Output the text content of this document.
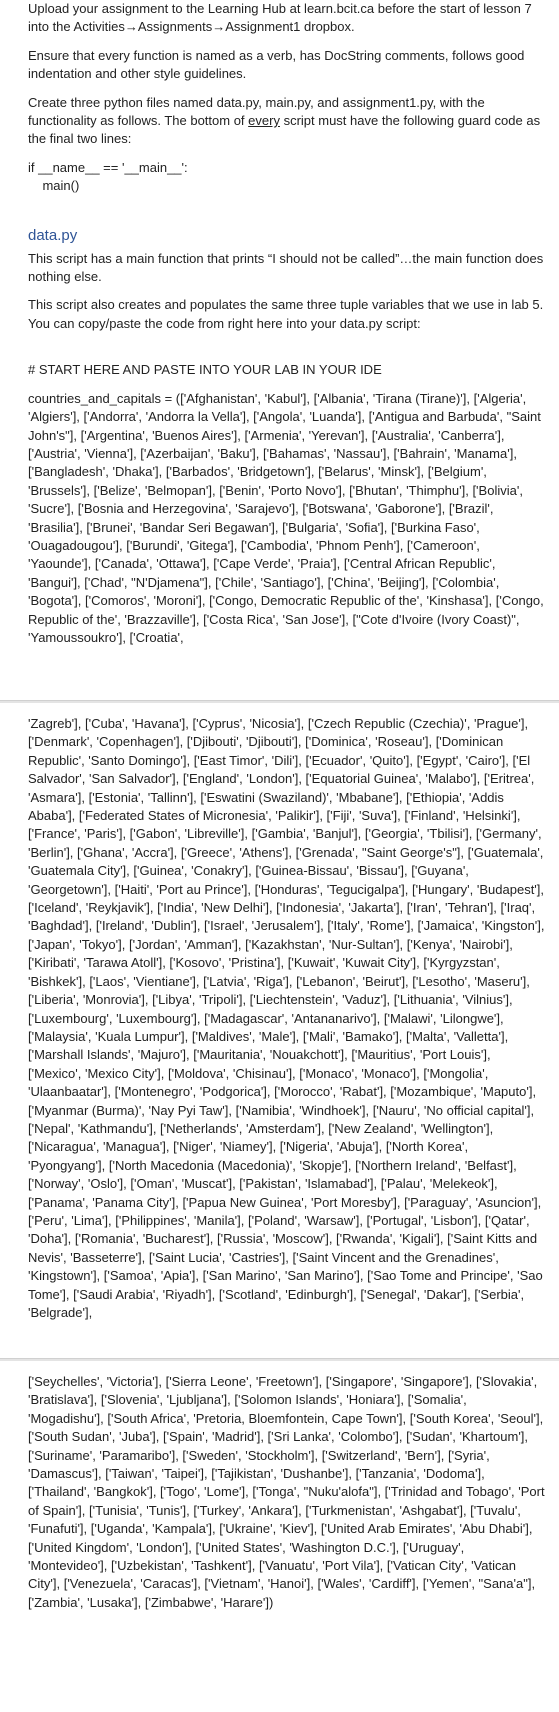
Upload your assignment to the Learning Hub at learn.bcit.ca before the start of lesson 7 into the Activities→Assignments→Assignment1 dropbox.

Ensure that every function is named as a verb, has DocString comments, follows good indentation and other style guidelines.

Create three python files named data.py, main.py, and assignment1.py, with the functionality as follows. The bottom of every script must have the following guard code as the final two lines:

if __name__ == '__main__':

main()

data.py

This script has a main function that prints “I should not be called”…the main function does nothing else.

This script also creates and populates the same three tuple variables that we use in lab 5. You can copy/paste the code from right here into your data.py script:

# START HERE AND PASTE INTO YOUR LAB IN YOUR IDE

countries_and_capitals = (['Afghanistan', 'Kabul'], ['Albania', 'Tirana (Tirane)'], ['Algeria', 'Algiers'], ['Andorra', 'Andorra la Vella'], ['Angola', 'Luanda'], ['Antigua and Barbuda', "Saint John's"], ['Argentina', 'Buenos Aires'], ['Armenia', 'Yerevan'], ['Australia', 'Canberra'], ['Austria', 'Vienna'], ['Azerbaijan', 'Baku'], ['Bahamas', 'Nassau'], ['Bahrain', 'Manama'], ['Bangladesh', 'Dhaka'], ['Barbados', 'Bridgetown'], ['Belarus', 'Minsk'], ['Belgium', 'Brussels'], ['Belize', 'Belmopan'], ['Benin', 'Porto Novo'], ['Bhutan', 'Thimphu'], ['Bolivia', 'Sucre'], ['Bosnia and Herzegovina', 'Sarajevo'], ['Botswana', 'Gaborone'], ['Brazil', 'Brasilia'], ['Brunei', 'Bandar Seri Begawan'], ['Bulgaria', 'Sofia'], ['Burkina Faso', 'Ouagadougou'], ['Burundi', 'Gitega'], ['Cambodia', 'Phnom Penh'], ['Cameroon', 'Yaounde'], ['Canada', 'Ottawa'], ['Cape Verde', 'Praia'], ['Central African Republic', 'Bangui'], ['Chad', "N'Djamena"], ['Chile', 'Santiago'], ['China', 'Beijing'], ['Colombia', 'Bogota'], ['Comoros', 'Moroni'], ['Congo, Democratic Republic of the', 'Kinshasa'], ['Congo, Republic of the', 'Brazzaville'], ['Costa Rica', 'San Jose'], ["Cote d'Ivoire (Ivory Coast)", 'Yamoussoukro'], ['Croatia',

'Zagreb'], ['Cuba', 'Havana'], ['Cyprus', 'Nicosia'], ['Czech Republic (Czechia)', 'Prague'], ['Denmark', 'Copenhagen'], ['Djibouti', 'Djibouti'], ['Dominica', 'Roseau'], ['Dominican Republic', 'Santo Domingo'], ['East Timor', 'Dili'], ['Ecuador', 'Quito'], ['Egypt', 'Cairo'], ['El Salvador', 'San Salvador'], ['England', 'London'], ['Equatorial Guinea', 'Malabo'], ['Eritrea', 'Asmara'], ['Estonia', 'Tallinn'], ['Eswatini (Swaziland)', 'Mbabane'], ['Ethiopia', 'Addis Ababa'], ['Federated States of Micronesia', 'Palikir'], ['Fiji', 'Suva'], ['Finland', 'Helsinki'], ['France', 'Paris'], ['Gabon', 'Libreville'], ['Gambia', 'Banjul'], ['Georgia', 'Tbilisi'], ['Germany', 'Berlin'], ['Ghana', 'Accra'], ['Greece', 'Athens'], ['Grenada', "Saint George's"], ['Guatemala', 'Guatemala City'], ['Guinea', 'Conakry'], ['Guinea-Bissau', 'Bissau'], ['Guyana', 'Georgetown'], ['Haiti', 'Port au Prince'], ['Honduras', 'Tegucigalpa'], ['Hungary', 'Budapest'], ['Iceland', 'Reykjavik'], ['India', 'New Delhi'], ['Indonesia', 'Jakarta'], ['Iran', 'Tehran'], ['Iraq', 'Baghdad'], ['Ireland', 'Dublin'], ['Israel', 'Jerusalem'], ['Italy', 'Rome'], ['Jamaica', 'Kingston'], ['Japan', 'Tokyo'], ['Jordan', 'Amman'], ['Kazakhstan', 'Nur-Sultan'], ['Kenya', 'Nairobi'], ['Kiribati', 'Tarawa Atoll'], ['Kosovo', 'Pristina'], ['Kuwait', 'Kuwait City'], ['Kyrgyzstan', 'Bishkek'], ['Laos', 'Vientiane'], ['Latvia', 'Riga'], ['Lebanon', 'Beirut'], ['Lesotho', 'Maseru'], ['Liberia', 'Monrovia'], ['Libya', 'Tripoli'], ['Liechtenstein', 'Vaduz'], ['Lithuania', 'Vilnius'], ['Luxembourg', 'Luxembourg'], ['Madagascar', 'Antananarivo'], ['Malawi', 'Lilongwe'], ['Malaysia', 'Kuala Lumpur'], ['Maldives', 'Male'], ['Mali', 'Bamako'], ['Malta', 'Valletta'], ['Marshall Islands', 'Majuro'], ['Mauritania', 'Nouakchott'], ['Mauritius', 'Port Louis'], ['Mexico', 'Mexico City'], ['Moldova', 'Chisinau'], ['Monaco', 'Monaco'], ['Mongolia', 'Ulaanbaatar'], ['Montenegro', 'Podgorica'], ['Morocco', 'Rabat'], ['Mozambique', 'Maputo'], ['Myanmar (Burma)', 'Nay Pyi Taw'], ['Namibia', 'Windhoek'], ['Nauru', 'No official capital'], ['Nepal', 'Kathmandu'], ['Netherlands', 'Amsterdam'], ['New Zealand', 'Wellington'], ['Nicaragua', 'Managua'], ['Niger', 'Niamey'], ['Nigeria', 'Abuja'], ['North Korea', 'Pyongyang'], ['North Macedonia (Macedonia)', 'Skopje'], ['Northern Ireland', 'Belfast'], ['Norway', 'Oslo'], ['Oman', 'Muscat'], ['Pakistan', 'Islamabad'], ['Palau', 'Melekeok'], ['Panama', 'Panama City'], ['Papua New Guinea', 'Port Moresby'], ['Paraguay', 'Asuncion'], ['Peru', 'Lima'], ['Philippines', 'Manila'], ['Poland', 'Warsaw'], ['Portugal', 'Lisbon'], ['Qatar', 'Doha'], ['Romania', 'Bucharest'], ['Russia', 'Moscow'], ['Rwanda', 'Kigali'], ['Saint Kitts and Nevis', 'Basseterre'], ['Saint Lucia', 'Castries'], ['Saint Vincent and the Grenadines', 'Kingstown'], ['Samoa', 'Apia'], ['San Marino', 'San Marino'], ['Sao Tome and Principe', 'Sao Tome'], ['Saudi Arabia', 'Riyadh'], ['Scotland', 'Edinburgh'], ['Senegal', 'Dakar'], ['Serbia', 'Belgrade'],

['Seychelles', 'Victoria'], ['Sierra Leone', 'Freetown'], ['Singapore', 'Singapore'], ['Slovakia', 'Bratislava'], ['Slovenia', 'Ljubljana'], ['Solomon Islands', 'Honiara'], ['Somalia', 'Mogadishu'], ['South Africa', 'Pretoria, Bloemfontein, Cape Town'], ['South Korea', 'Seoul'], ['South Sudan', 'Juba'], ['Spain', 'Madrid'], ['Sri Lanka', 'Colombo'], ['Sudan', 'Khartoum'], ['Suriname', 'Paramaribo'], ['Sweden', 'Stockholm'], ['Switzerland', 'Bern'], ['Syria', 'Damascus'], ['Taiwan', 'Taipei'], ['Tajikistan', 'Dushanbe'], ['Tanzania', 'Dodoma'], ['Thailand', 'Bangkok'], ['Togo', 'Lome'], ['Tonga', "Nuku'alofa"], ['Trinidad and Tobago', 'Port of Spain'], ['Tunisia', 'Tunis'], ['Turkey', 'Ankara'], ['Turkmenistan', 'Ashgabat'], ['Tuvalu', 'Funafuti'], ['Uganda', 'Kampala'], ['Ukraine', 'Kiev'], ['United Arab Emirates', 'Abu Dhabi'], ['United Kingdom', 'London'], ['United States', 'Washington D.C.'], ['Uruguay', 'Montevideo'], ['Uzbekistan', 'Tashkent'], ['Vanuatu', 'Port Vila'], ['Vatican City', 'Vatican City'], ['Venezuela', 'Caracas'], ['Vietnam', 'Hanoi'], ['Wales', 'Cardiff'], ['Yemen', "Sana'a"], ['Zambia', 'Lusaka'], ['Zimbabwe', 'Harare'])
